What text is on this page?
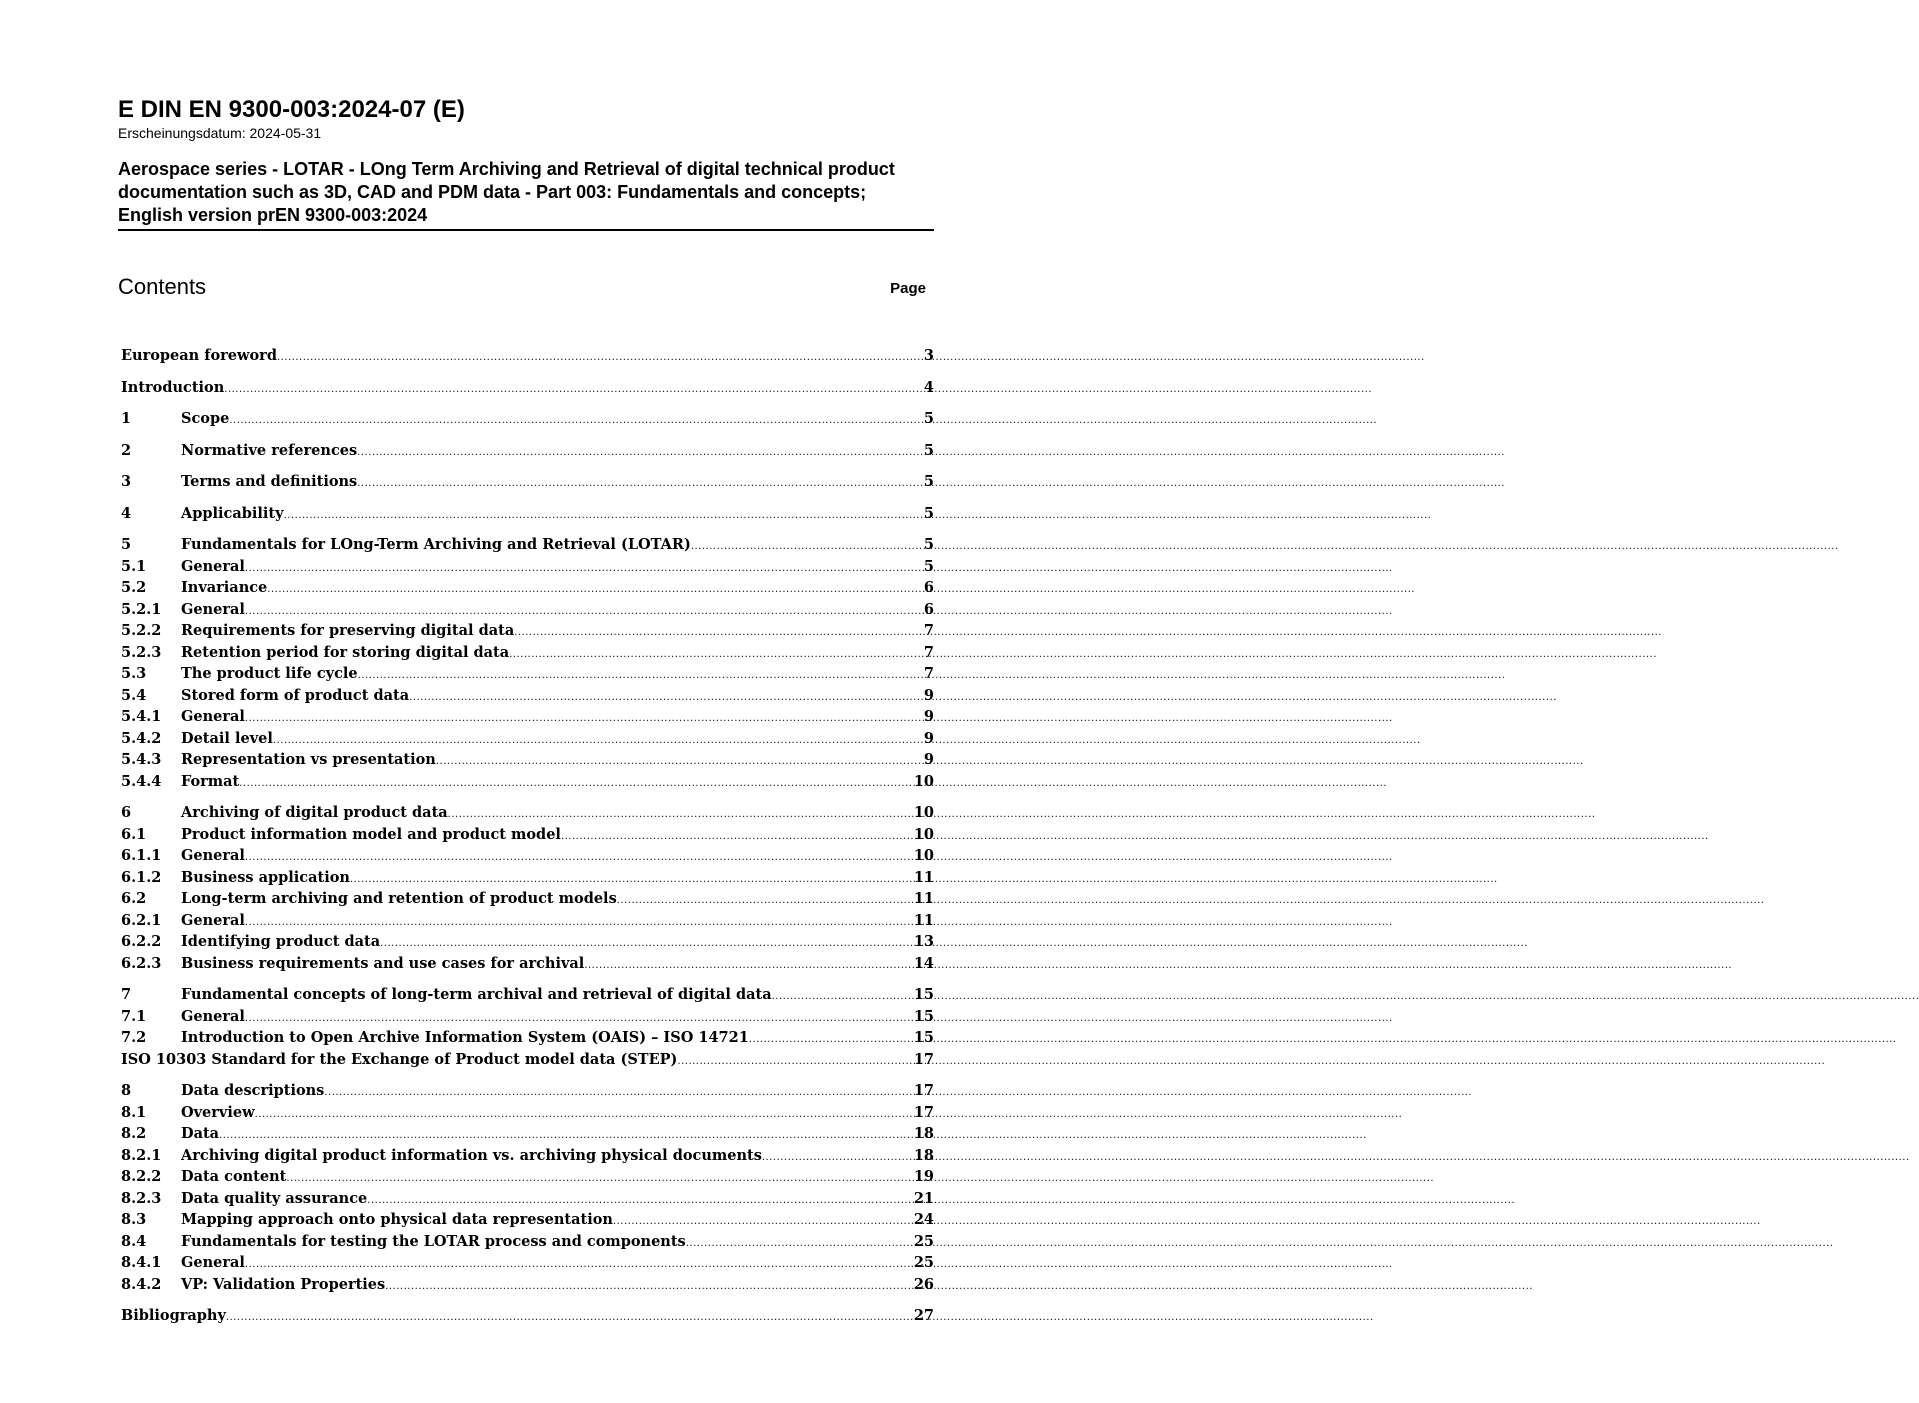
E DIN EN 9300-003:2024-07 (E)
Erscheinungsdatum: 2024-05-31
Aerospace series - LOTAR - LOng Term Archiving and Retrieval of digital technical product documentation such as 3D, CAD and PDM data - Part 003: Fundamentals and concepts; English version prEN 9300-003:2024
Contents	Page
European foreword .....	3
Introduction .....	4
1	Scope .....	5
2	Normative references .....	5
3	Terms and definitions .....	5
4	Applicability .....	5
5	Fundamentals for LOng-Term Archiving and Retrieval (LOTAR) .....	5
5.1	General .....	5
5.2	Invariance .....	6
5.2.1	General .....	6
5.2.2	Requirements for preserving digital data .....	7
5.2.3	Retention period for storing digital data .....	7
5.3	The product life cycle .....	7
5.4	Stored form of product data .....	9
5.4.1	General .....	9
5.4.2	Detail level .....	9
5.4.3	Representation vs presentation .....	9
5.4.4	Format .....	10
6	Archiving of digital product data .....	10
6.1	Product information model and product model .....	10
6.1.1	General .....	10
6.1.2	Business application .....	11
6.2	Long-term archiving and retention of product models .....	11
6.2.1	General .....	11
6.2.2	Identifying product data .....	13
6.2.3	Business requirements and use cases for archival .....	14
7	Fundamental concepts of long-term archival and retrieval of digital data .....	15
7.1	General .....	15
7.2	Introduction to Open Archive Information System (OAIS) – ISO 14721 .....	15
ISO 10303 Standard for the Exchange of Product model data (STEP) .....	17
8	Data descriptions .....	17
8.1	Overview .....	17
8.2	Data .....	18
8.2.1	Archiving digital product information vs. archiving physical documents .....	18
8.2.2	Data content .....	19
8.2.3	Data quality assurance .....	21
8.3	Mapping approach onto physical data representation .....	24
8.4	Fundamentals for testing the LOTAR process and components .....	25
8.4.1	General .....	25
8.4.2	VP: Validation Properties .....	26
Bibliography .....	27
